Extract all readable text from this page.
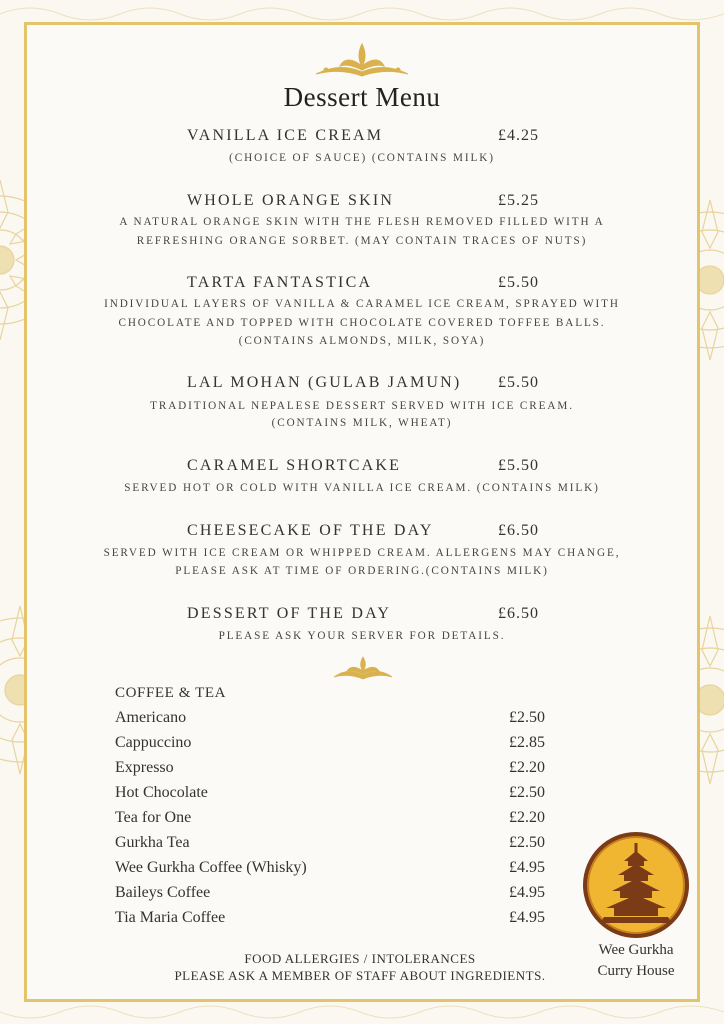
Dessert Menu
VANILLA ICE CREAM	£4.25
(CHOICE OF SAUCE) (CONTAINS MILK)
WHOLE ORANGE SKIN	£5.25
A NATURAL ORANGE SKIN WITH THE FLESH REMOVED FILLED WITH A
REFRESHING ORANGE SORBET. (MAY CONTAIN TRACES OF NUTS)
TARTA FANTASTICA	£5.50
INDIVIDUAL LAYERS OF VANILLA & CARAMEL ICE CREAM, SPRAYED WITH
CHOCOLATE AND TOPPED WITH CHOCOLATE COVERED TOFFEE BALLS.
(CONTAINS ALMONDS, MILK, SOYA)
LAL MOHAN (GULAB JAMUN) £5.50
TRADITIONAL NEPALESE DESSERT SERVED WITH ICE CREAM.
(CONTAINS MILK, WHEAT)
CARAMEL SHORTCAKE	£5.50
SERVED HOT OR COLD WITH VANILLA ICE CREAM. (CONTAINS MILK)
CHEESECAKE OF THE DAY	£6.50
SERVED WITH ICE CREAM OR WHIPPED CREAM. ALLERGENS MAY CHANGE,
PLEASE ASK AT TIME OF ORDERING.(CONTAINS MILK)
DESSERT OF THE DAY	£6.50
PLEASE ASK YOUR SERVER FOR DETAILS.
COFFEE & TEA
Americano	£2.50
Cappuccino	£2.85
Expresso	£2.20
Hot Chocolate	£2.50
Tea for One	£2.20
Gurkha Tea	£2.50
Wee Gurkha Coffee (Whisky)	£4.95
Baileys Coffee	£4.95
Tia Maria Coffee	£4.95
FOOD ALLERGIES / INTOLERANCES
PLEASE ASK A MEMBER OF STAFF ABOUT INGREDIENTS.
Wee Gurkha
Curry House
